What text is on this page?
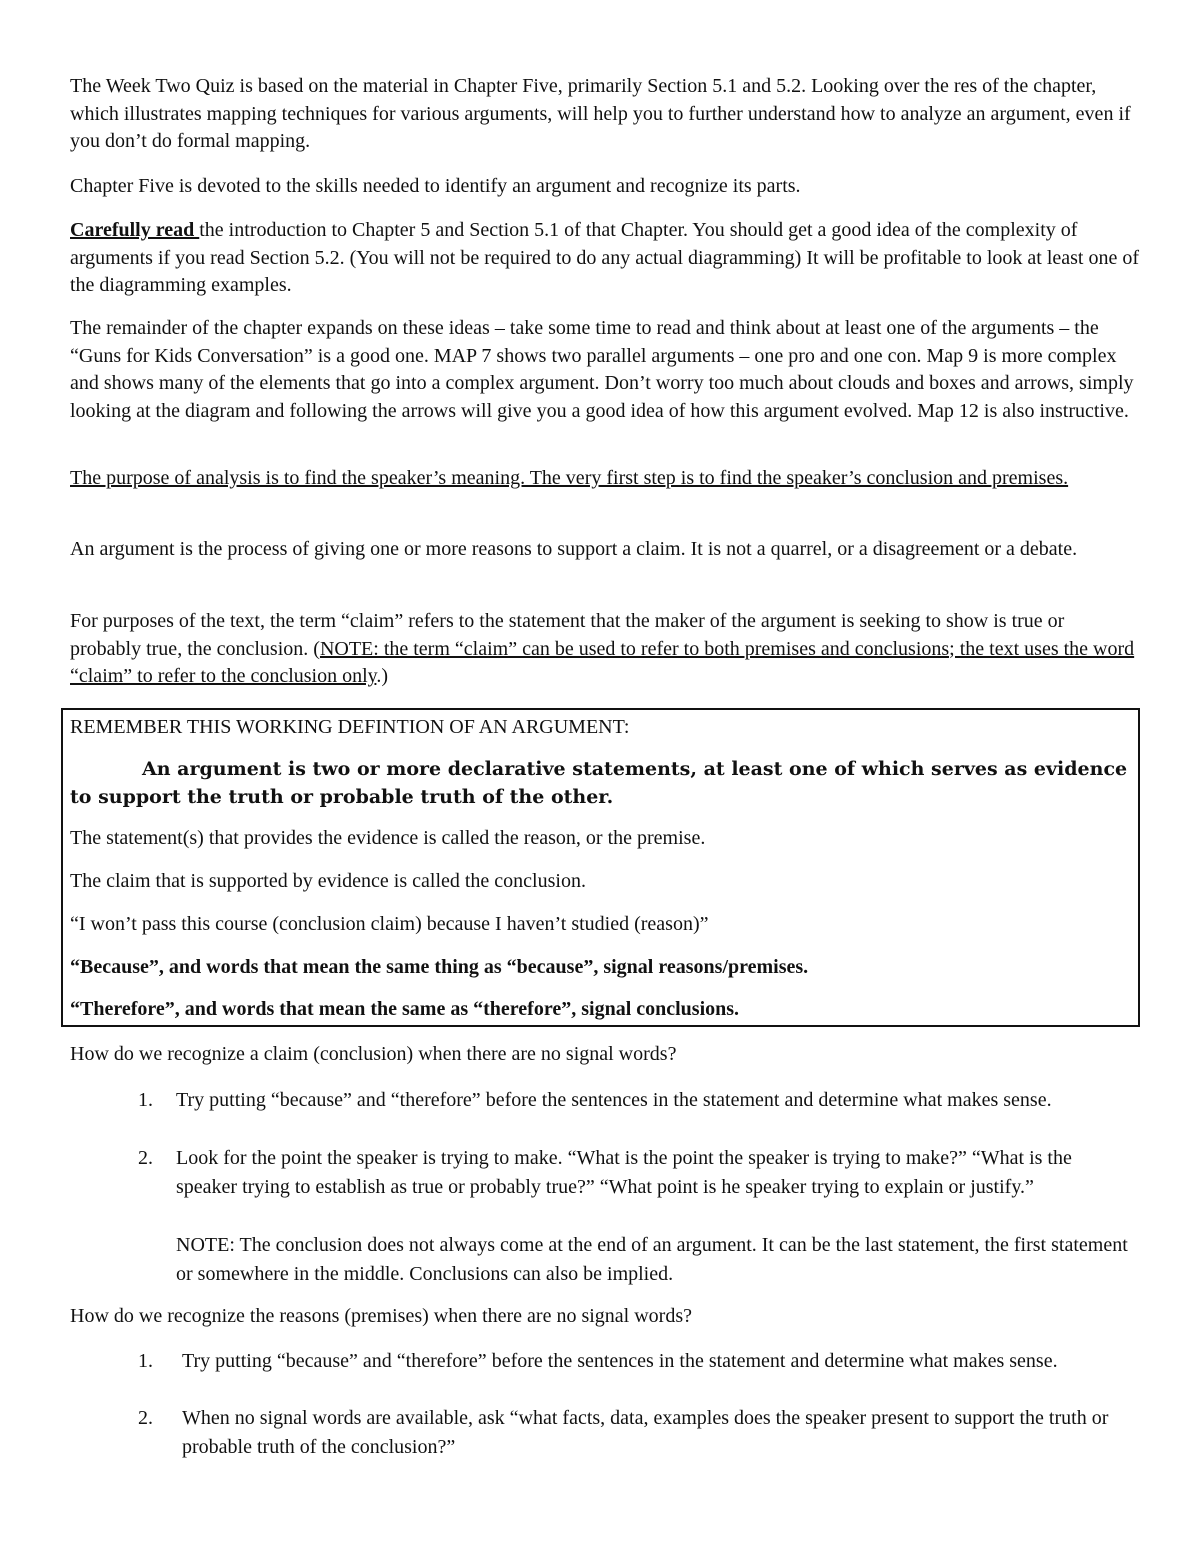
The Week Two Quiz is based on the material in Chapter Five, primarily Section 5.1 and 5.2. Looking over the res of the chapter, which illustrates mapping techniques for various arguments, will help you to further understand how to analyze an argument, even if you don’t do formal mapping.

Chapter Five is devoted to the skills needed to identify an argument and recognize its parts.

Carefully read the introduction to Chapter 5 and Section 5.1 of that Chapter. You should get a good idea of the complexity of arguments if you read Section 5.2. (You will not be required to do any actual diagramming) It will be profitable to look at least one of the diagramming examples.

The remainder of the chapter expands on these ideas – take some time to read and think about at least one of the arguments – the “Guns for Kids Conversation” is a good one. MAP 7 shows two parallel arguments – one pro and one con. Map 9 is more complex and shows many of the elements that go into a complex argument. Don’t worry too much about clouds and boxes and arrows, simply looking at the diagram and following the arrows will give you a good idea of how this argument evolved. Map 12 is also instructive.

The purpose of analysis is to find the speaker’s meaning. The very first step is to find the speaker’s conclusion and premises.

An argument is the process of giving one or more reasons to support a claim. It is not a quarrel, or a disagreement or a debate.

For purposes of the text, the term “claim” refers to the statement that the maker of the argument is seeking to show is true or probably true, the conclusion. (NOTE: the term “claim” can be used to refer to both premises and conclusions; the text uses the word “claim” to refer to the conclusion only.)

REMEMBER THIS WORKING DEFINTION OF AN ARGUMENT:

An argument is two or more declarative statements, at least one of which serves as evidence to support the truth or probable truth of the other.

The statement(s) that provides the evidence is called the reason, or the premise.

The claim that is supported by evidence is called the conclusion.

“I won’t pass this course (conclusion claim) because I haven’t studied (reason)”

“Because”, and words that mean the same thing as “because”, signal reasons/premises.

“Therefore”, and words that mean the same as “therefore”, signal conclusions.

How do we recognize a claim (conclusion) when there are no signal words?

1. Try putting “because” and “therefore” before the sentences in the statement and determine what makes sense.

2. Look for the point the speaker is trying to make. “What is the point the speaker is trying to make?” “What is the speaker trying to establish as true or probably true?” “What point is he speaker trying to explain or justify.”

NOTE: The conclusion does not always come at the end of an argument. It can be the last statement, the first statement or somewhere in the middle. Conclusions can also be implied.

How do we recognize the reasons (premises) when there are no signal words?

1. Try putting “because” and “therefore” before the sentences in the statement and determine what makes sense.

2. When no signal words are available, ask “what facts, data, examples does the speaker present to support the truth or probable truth of the conclusion?”
